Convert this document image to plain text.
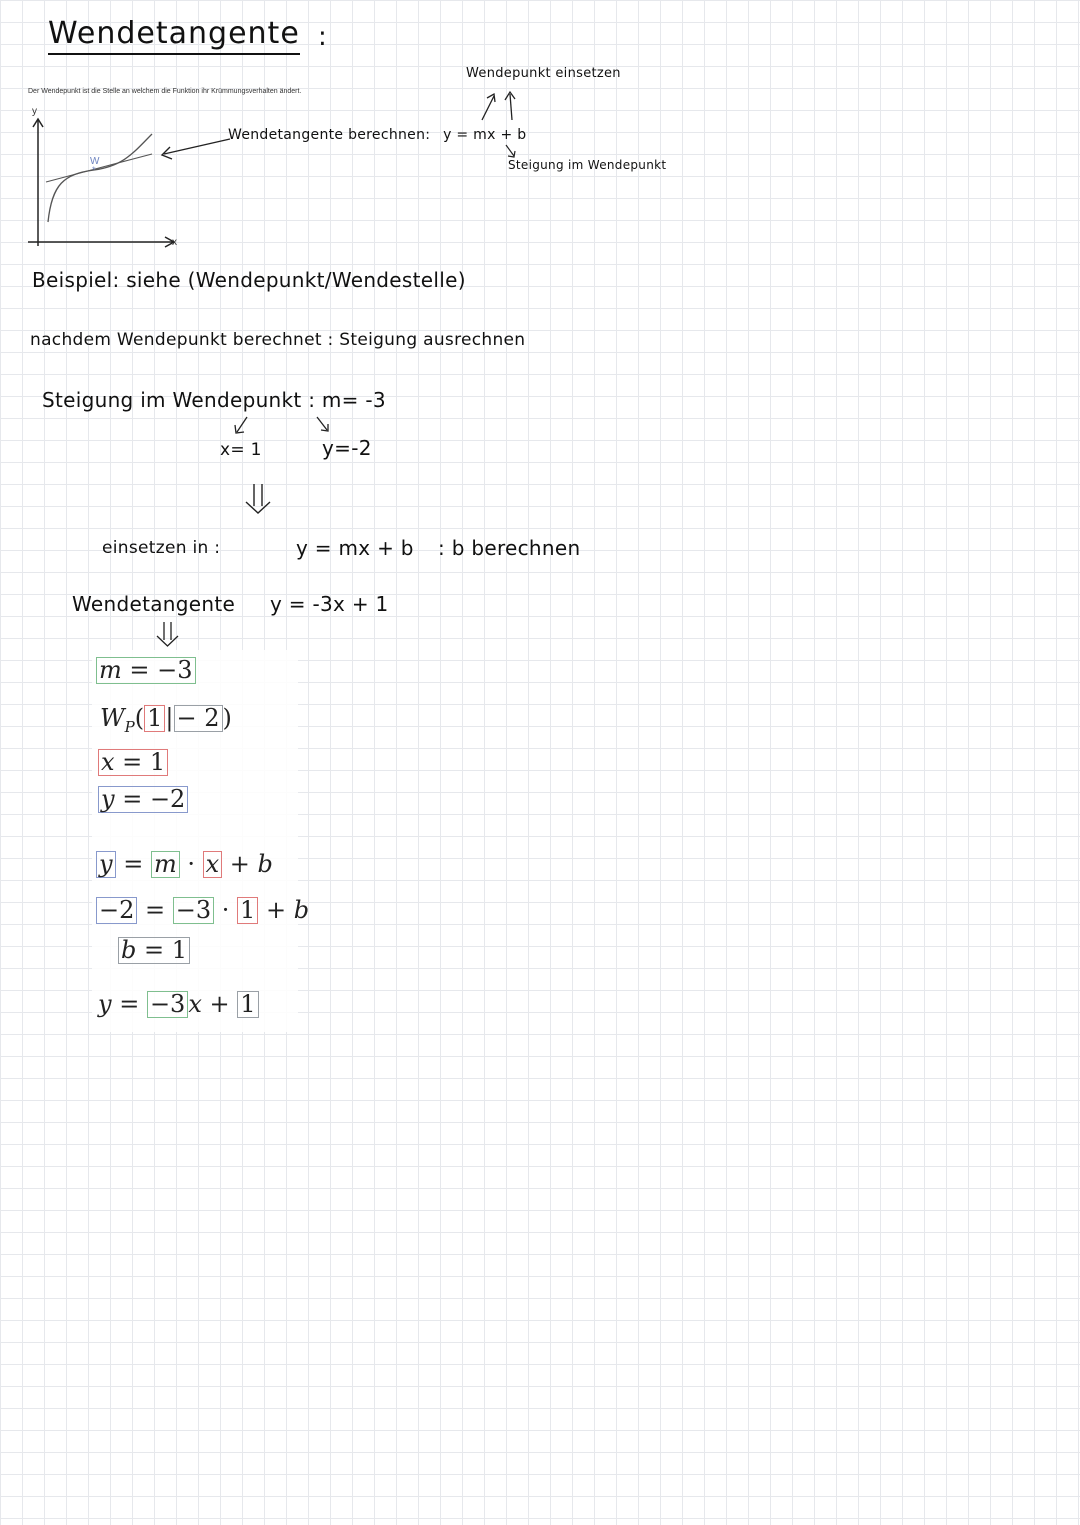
Wendetangente :
Der Wendepunkt ist die Stelle an welchem die Funktion ihr Krümmungsverhalten ändert.
W
*
y
x
Wendepunkt einsetzen
Wendetangente berechnen: y = mx + b
Steigung im Wendepunkt
Beispiel: siehe (Wendepunkt/Wendestelle)
nachdem Wendepunkt berechnet : Steigung ausrechnen
Steigung im Wendepunkt : m= -3
x= 1	y=-2
einsetzen in :	y = mx + b : b berechnen
Wendetangente y = -3x + 1
m = −3
$W_P$( 1 | − 2 )
x = 1
y = −2
y = m · x + b
−2 = −3 · 1 + b
b = 1
y = −3 x + 1
